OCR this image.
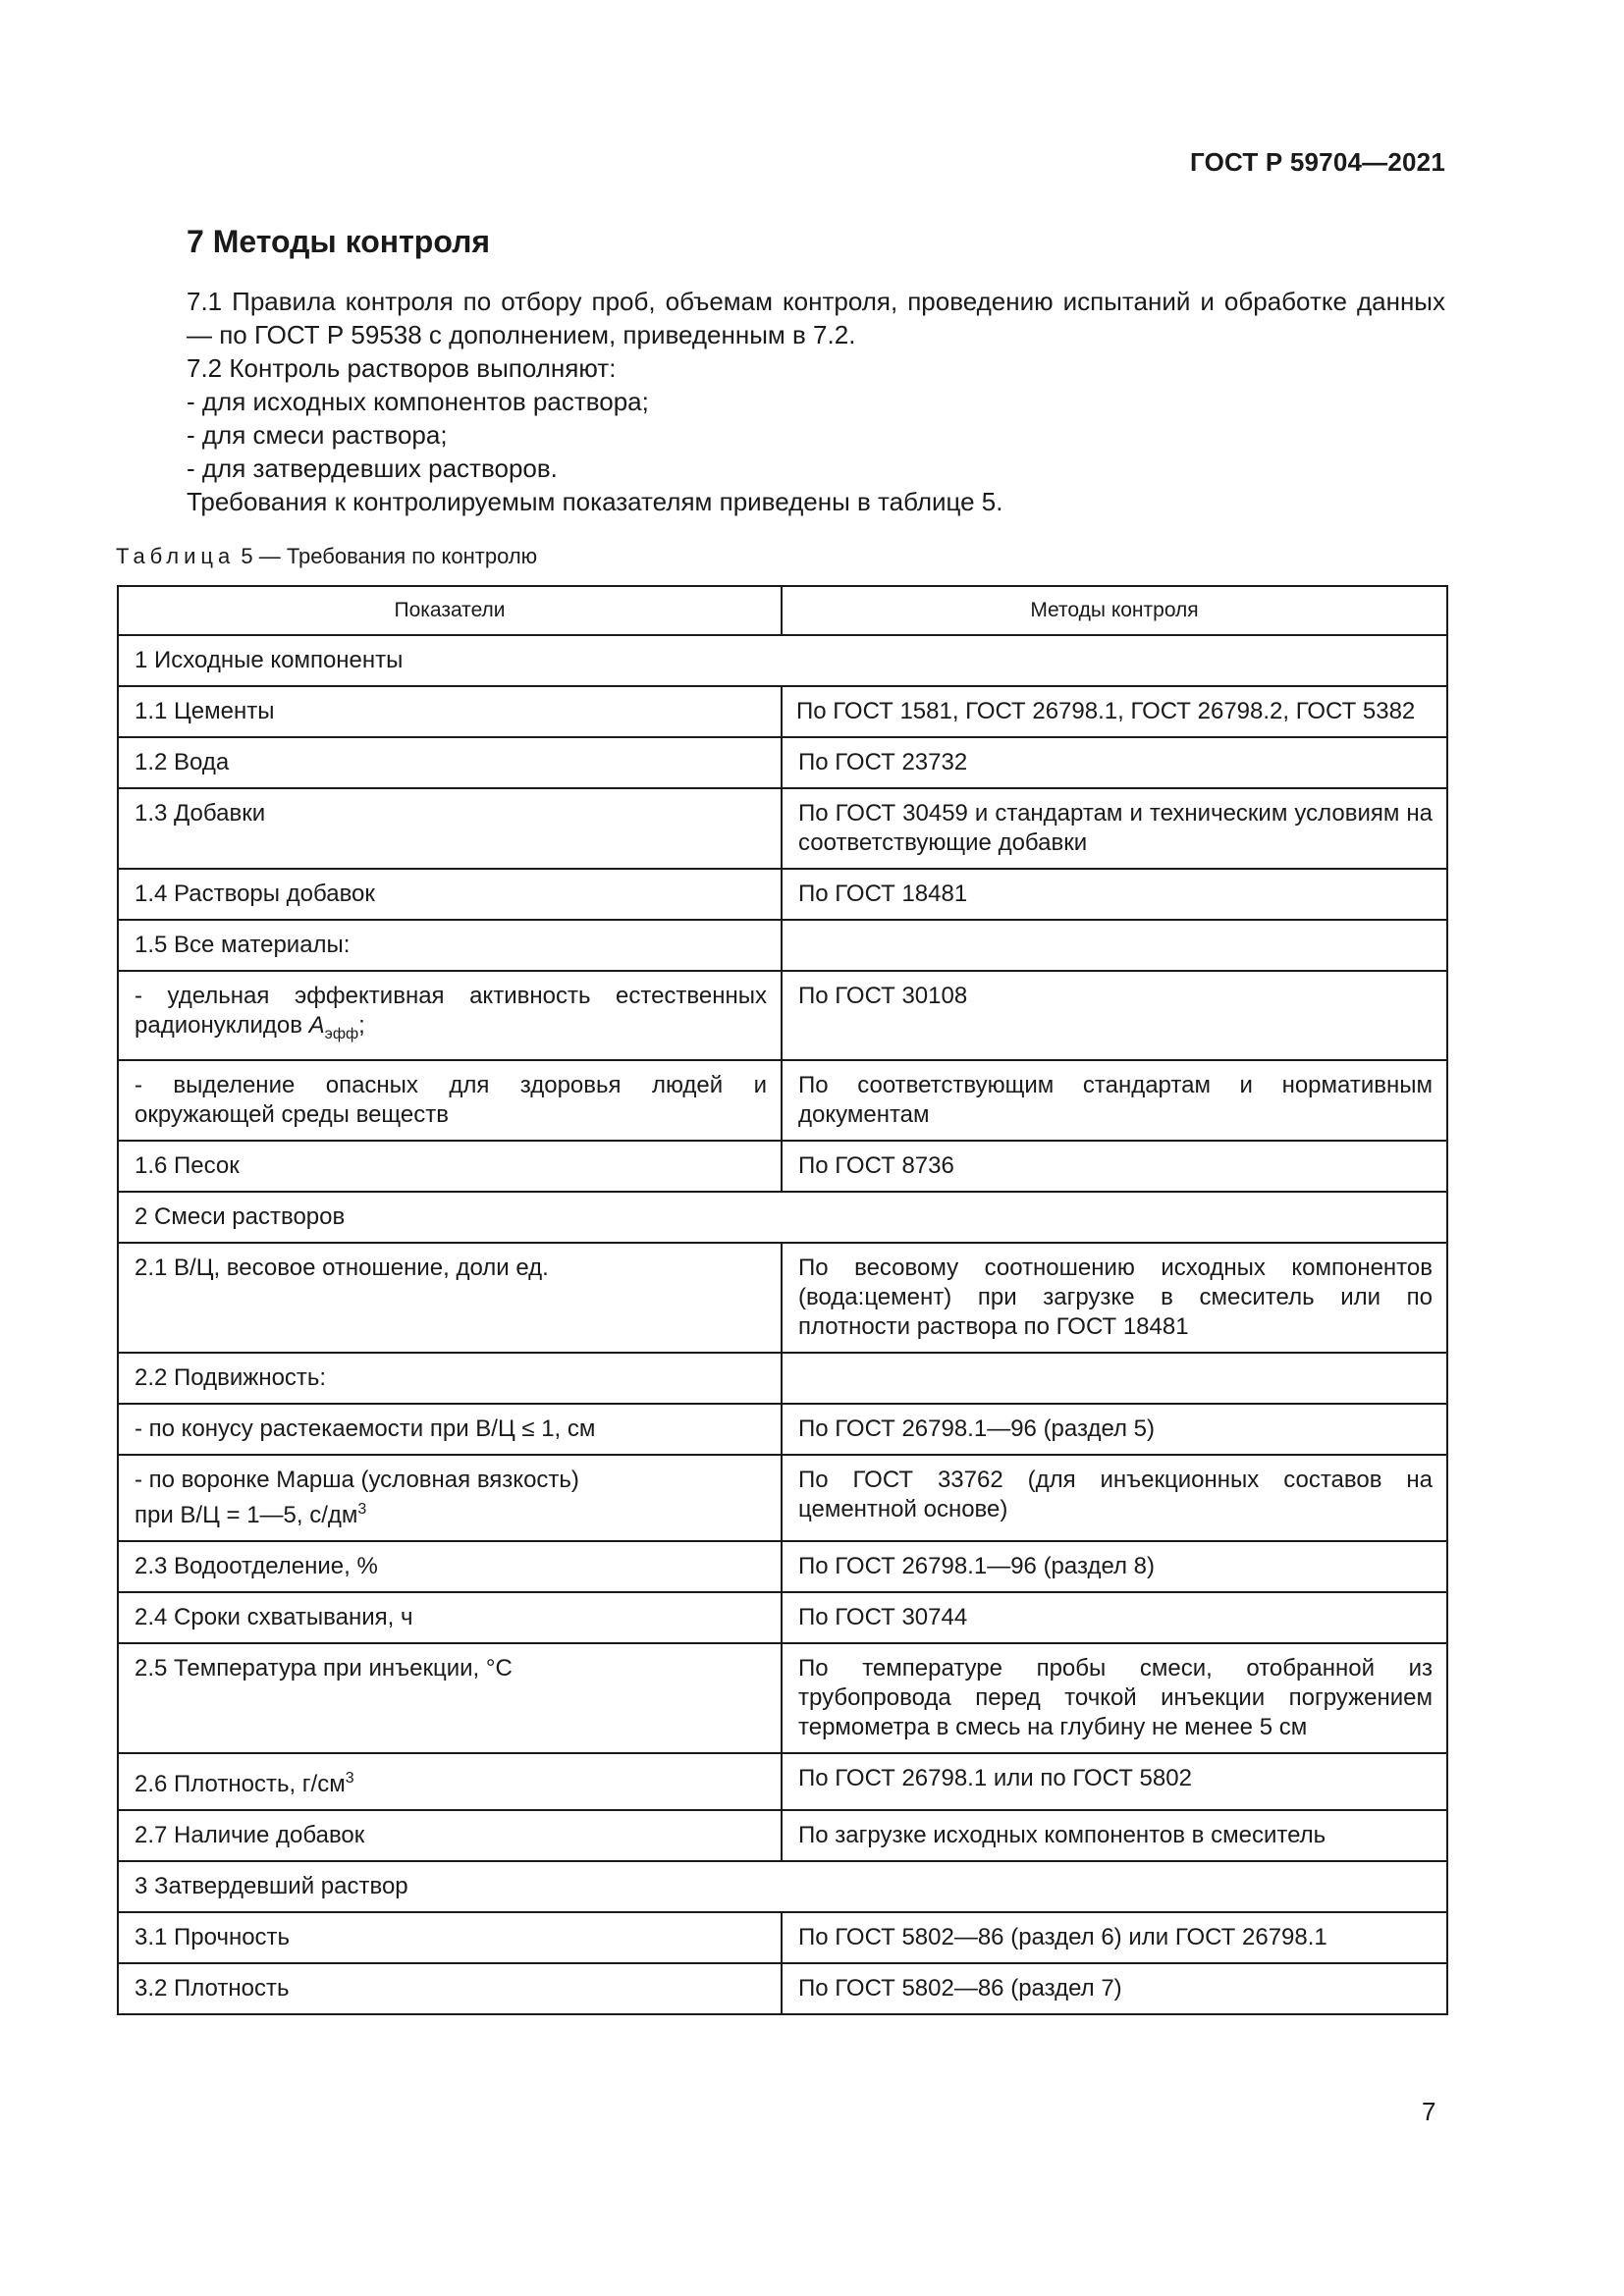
ГОСТ Р 59704—2021
7 Методы контроля
7.1 Правила контроля по отбору проб, объемам контроля, проведению испытаний и обработке данных — по ГОСТ Р 59538 с дополнением, приведенным в 7.2.
7.2 Контроль растворов выполняют:
- для исходных компонентов раствора;
- для смеси раствора;
- для затвердевших растворов.
Требования к контролируемым показателям приведены в таблице 5.
Таблица 5 — Требования по контролю
Показатели	Методы контроля
1 Исходные компоненты	
1.1 Цементы	По ГОСТ 1581, ГОСТ 26798.1, ГОСТ 26798.2, ГОСТ 5382
1.2 Вода	По ГОСТ 23732
1.3 Добавки	По ГОСТ 30459 и стандартам и техническим условиям на соответствующие добавки
1.4 Растворы добавок	По ГОСТ 18481
1.5 Все материалы:	
- удельная эффективная активность естественных радионуклидов $А_{эфф}$;	По ГОСТ 30108
- выделение опасных для здоровья людей и окружающей среды веществ	По соответствующим стандартам и нормативным документам
1.6 Песок	По ГОСТ 8736
2 Смеси растворов	
2.1 В/Ц, весовое отношение, доли ед.	По весовому соотношению исходных компонентов (вода:цемент) при загрузке в смеситель или по плотности раствора по ГОСТ 18481
2.2 Подвижность:	
- по конусу растекаемости при В/Ц ≤ 1, см	По ГОСТ 26798.1—96 (раздел 5)

- по воронке Марша (условная вязкость)
при В/Ц = 1—5, $с/дм^3$	По ГОСТ 33762 (для инъекционных составов на цементной основе)
2.3 Водоотделение, %	По ГОСТ 26798.1—96 (раздел 8)
2.4 Сроки схватывания, ч	По ГОСТ 30744
2.5 Температура при инъекции, °С	По температуре пробы смеси, отобранной из трубопровода перед точкой инъекции погружением термометра в смесь на глубину не менее 5 см
2.6 Плотность, $г/см^3$	По ГОСТ 26798.1 или по ГОСТ 5802
2.7 Наличие добавок	По загрузке исходных компонентов в смеситель
3 Затвердевший раствор	
3.1 Прочность	По ГОСТ 5802—86 (раздел 6) или ГОСТ 26798.1
3.2 Плотность	По ГОСТ 5802—86 (раздел 7)
7
